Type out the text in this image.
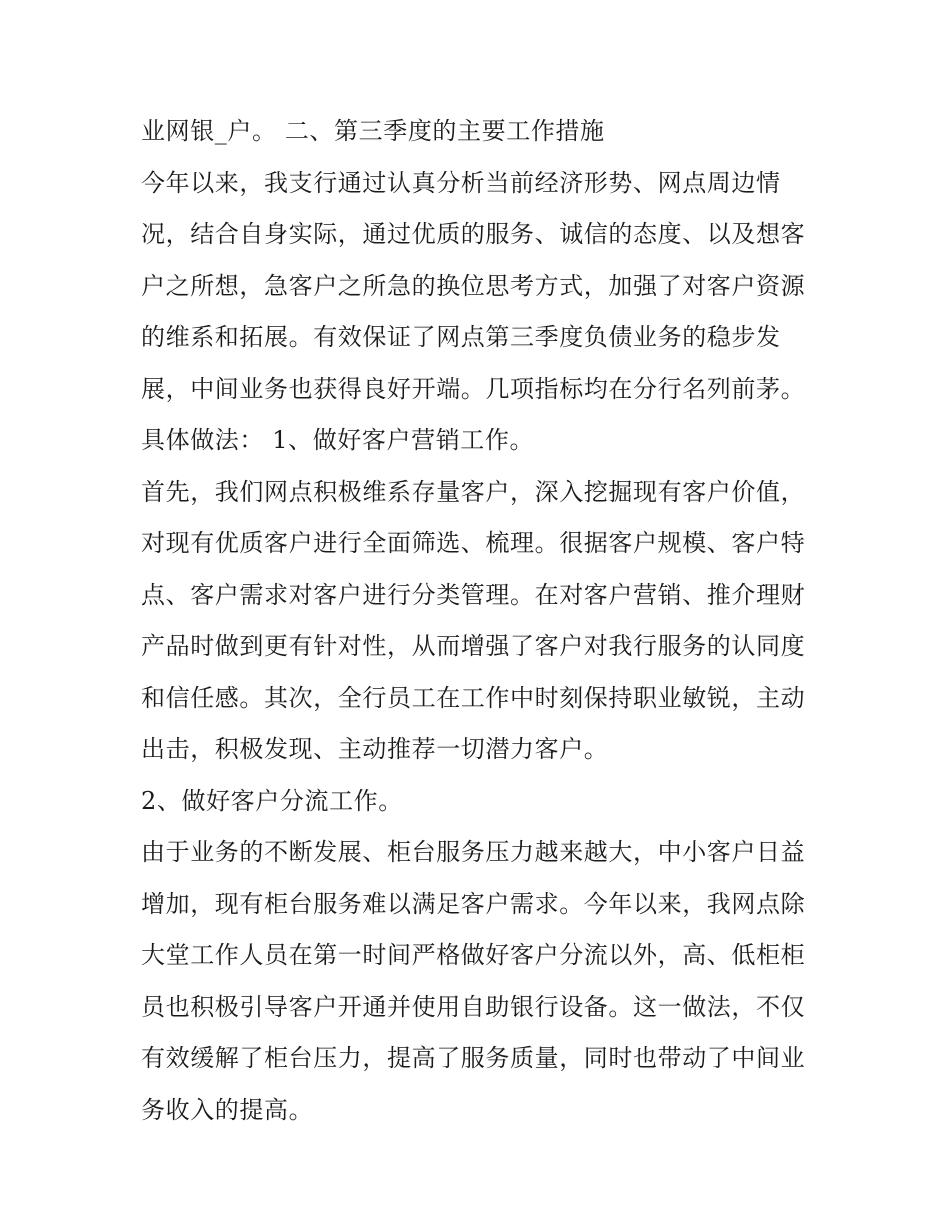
业网银_户。 二、第三季度的主要工作措施
今年以来，我支行通过认真分析当前经济形势、网点周边情
况，结合自身实际，通过优质的服务、诚信的态度、以及想客
户之所想，急客户之所急的换位思考方式，加强了对客户资源
的维系和拓展。有效保证了网点第三季度负债业务的稳步发
展，中间业务也获得良好开端。几项指标均在分行名列前茅。
具体做法： 1、做好客户营销工作。
首先，我们网点积极维系存量客户，深入挖掘现有客户价值，
对现有优质客户进行全面筛选、梳理。很据客户规模、客户特
点、客户需求对客户进行分类管理。在对客户营销、推介理财
产品时做到更有针对性，从而增强了客户对我行服务的认同度
和信任感。其次，全行员工在工作中时刻保持职业敏锐，主动
出击，积极发现、主动推荐一切潜力客户。
2、做好客户分流工作。
由于业务的不断发展、柜台服务压力越来越大，中小客户日益
增加，现有柜台服务难以满足客户需求。今年以来，我网点除
大堂工作人员在第一时间严格做好客户分流以外，高、低柜柜
员也积极引导客户开通并使用自助银行设备。这一做法，不仅
有效缓解了柜台压力，提高了服务质量，同时也带动了中间业
务收入的提高。
